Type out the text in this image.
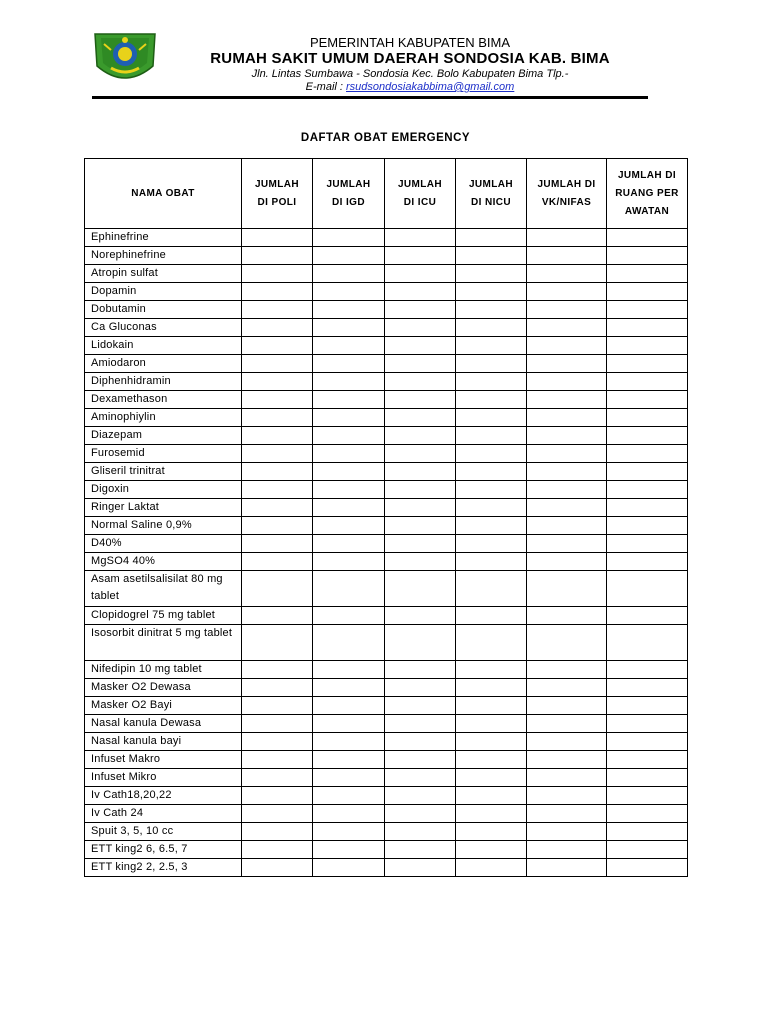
PEMERINTAH KABUPATEN BIMA
RUMAH SAKIT UMUM DAERAH SONDOSIA KAB. BIMA
Jln. Lintas Sumbawa - Sondosia Kec. Bolo Kabupaten Bima Tlp.-
E-mail : rsudsondosiakabbima@gmail.com
DAFTAR OBAT EMERGENCY
NAMA OBAT	JUMLAH DI POLI	JUMLAH DI IGD	JUMLAH DI ICU	JUMLAH DI NICU	JUMLAH DI VK/NIFAS	JUMLAH DI RUANG PERAWATAN
Ephinefrine						
Norephinefrine						
Atropin sulfat						
Dopamin						
Dobutamin						
Ca Gluconas						
Lidokain						
Amiodaron						
Diphenhidramin						
Dexamethason						
Aminophiylin						
Diazepam						
Furosemid						
Gliseril trinitrat						
Digoxin						
Ringer Laktat						
Normal Saline 0,9%						
D40%						
MgSO4 40%						
Asam asetilsalisilat 80 mg tablet						
Clopidogrel 75 mg tablet						
Isosorbit dinitrat 5 mg tablet						
Nifedipin 10 mg tablet						
Masker O2 Dewasa						
Masker O2 Bayi						
Nasal kanula Dewasa						
Nasal kanula bayi						
Infuset Makro						
Infuset Mikro						
Iv Cath18,20,22						
Iv Cath 24						
Spuit 3, 5, 10 cc						
ETT king2 6, 6.5, 7						
ETT king2 2, 2.5, 3						
